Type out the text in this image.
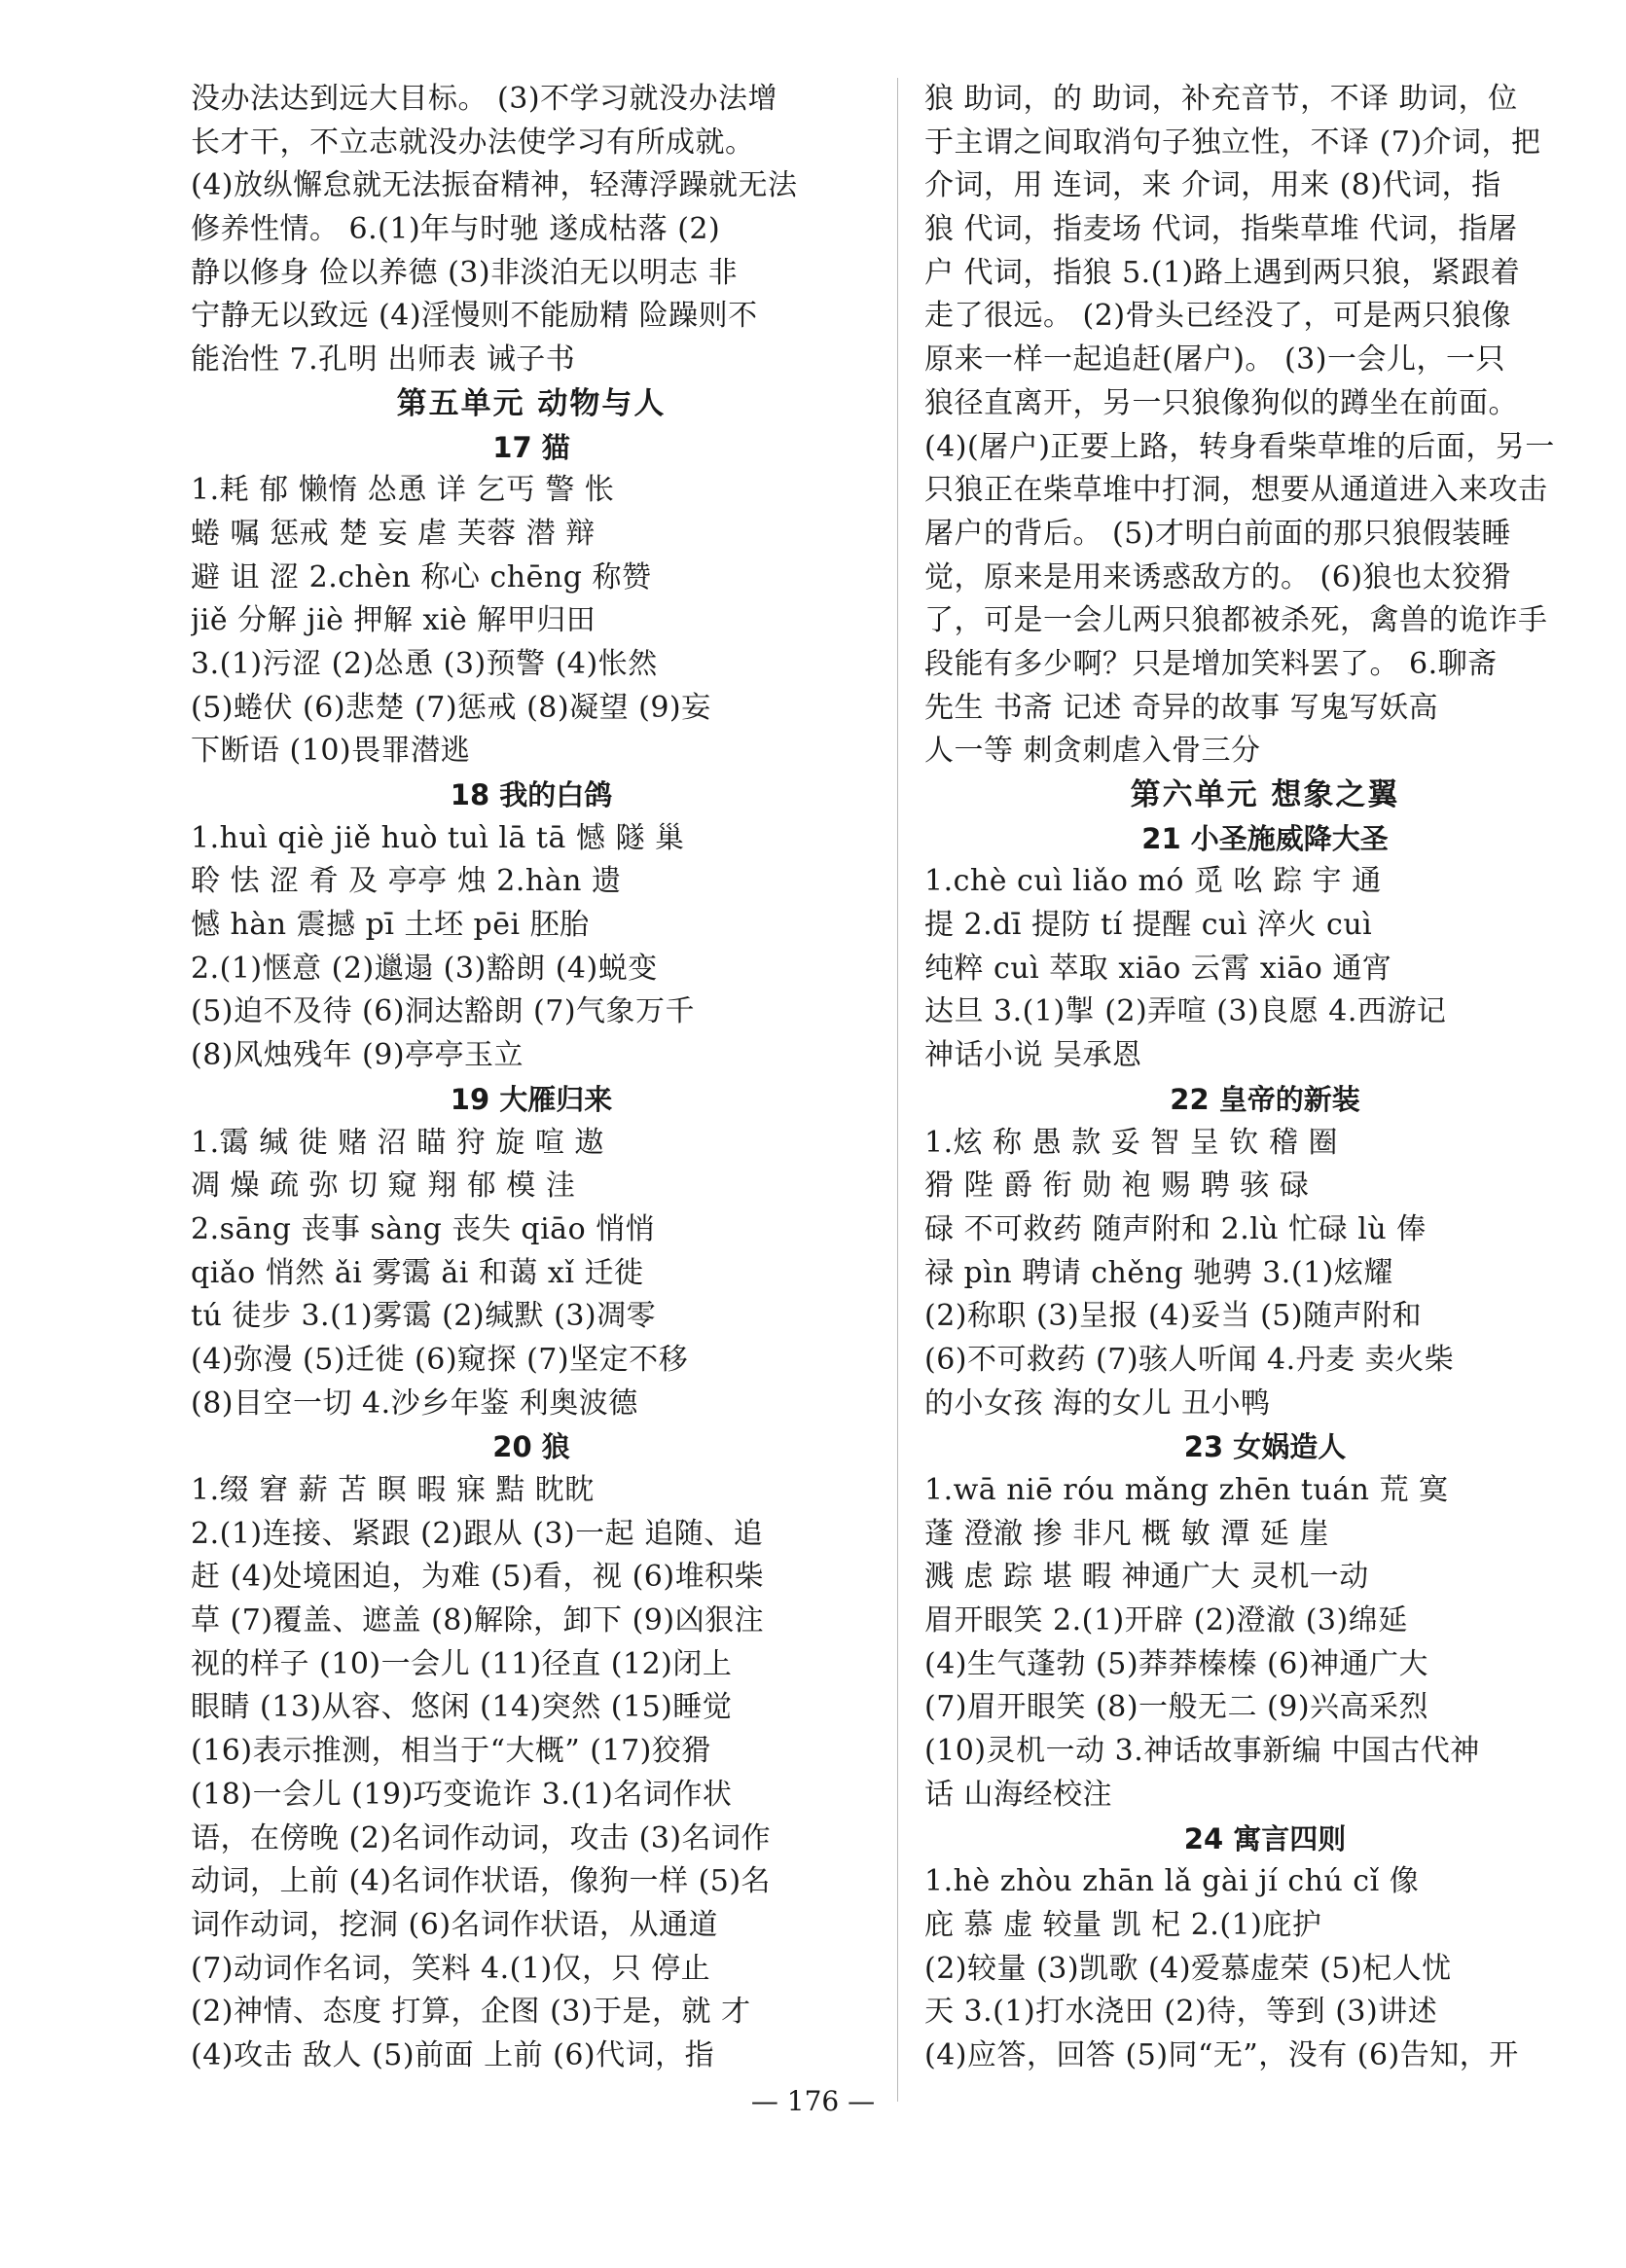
没办法达到远大目标。 (3)不学习就没办法增
长才干，不立志就没办法使学习有所成就。
(4)放纵懈怠就无法振奋精神，轻薄浮躁就无法
修养性情。 6.(1)年与时驰 遂成枯落 (2)
静以修身 俭以养德 (3)非淡泊无以明志 非
宁静无以致远 (4)淫慢则不能励精 险躁则不
能治性 7.孔明 出师表 诫子书
第五单元 动物与人
17 猫
1.耗 郁 懒惰 怂恿 详 乞丐 警 怅
蜷 嘱 惩戒 楚 妄 虐 芙蓉 潜 辩
避 诅 涩 2.chèn 称心 chēng 称赞
jiě 分解 jiè 押解 xiè 解甲归田
3.(1)污涩 (2)怂恿 (3)预警 (4)怅然
(5)蜷伏 (6)悲楚 (7)惩戒 (8)凝望 (9)妄
下断语 (10)畏罪潜逃
18 我的白鸽
1.huì qiè jiě huò tuì lā tā 憾 隧 巢
聆 怯 涩 肴 及 亭亭 烛 2.hàn 遗
憾 hàn 震撼 pī 土坯 pēi 胚胎
2.(1)惬意 (2)邋遢 (3)豁朗 (4)蜕变
(5)迫不及待 (6)洞达豁朗 (7)气象万千
(8)风烛残年 (9)亭亭玉立
19 大雁归来
1.霭 缄 徙 赌 沼 瞄 狩 旋 喧 遨
凋 燥 疏 弥 切 窥 翔 郁 模 洼
2.sāng 丧事 sàng 丧失 qiāo 悄悄
qiǎo 悄然 ǎi 雾霭 ǎi 和蔼 xǐ 迁徙
tú 徒步 3.(1)雾霭 (2)缄默 (3)凋零
(4)弥漫 (5)迁徙 (6)窥探 (7)坚定不移
(8)目空一切 4.沙乡年鉴 利奥波德
20 狼
1.缀 窘 薪 苫 瞑 暇 寐 黠 眈眈
2.(1)连接、紧跟 (2)跟从 (3)一起 追随、追
赶 (4)处境困迫，为难 (5)看，视 (6)堆积柴
草 (7)覆盖、遮盖 (8)解除，卸下 (9)凶狠注
视的样子 (10)一会儿 (11)径直 (12)闭上
眼睛 (13)从容、悠闲 (14)突然 (15)睡觉
(16)表示推测，相当于“大概” (17)狡猾
(18)一会儿 (19)巧变诡诈 3.(1)名词作状
语，在傍晚 (2)名词作动词，攻击 (3)名词作
动词，上前 (4)名词作状语，像狗一样 (5)名
词作动词，挖洞 (6)名词作状语，从通道
(7)动词作名词，笑料 4.(1)仅，只 停止
(2)神情、态度 打算，企图 (3)于是，就 才
(4)攻击 敌人 (5)前面 上前 (6)代词，指
狼 助词，的 助词，补充音节，不译 助词，位
于主谓之间取消句子独立性，不译 (7)介词，把
介词，用 连词，来 介词，用来 (8)代词，指
狼 代词，指麦场 代词，指柴草堆 代词，指屠
户 代词，指狼 5.(1)路上遇到两只狼，紧跟着
走了很远。 (2)骨头已经没了，可是两只狼像
原来一样一起追赶(屠户)。 (3)一会儿，一只
狼径直离开，另一只狼像狗似的蹲坐在前面。
(4)(屠户)正要上路，转身看柴草堆的后面，另一
只狼正在柴草堆中打洞，想要从通道进入来攻击
屠户的背后。 (5)才明白前面的那只狼假装睡
觉，原来是用来诱惑敌方的。 (6)狼也太狡猾
了，可是一会儿两只狼都被杀死，禽兽的诡诈手
段能有多少啊？只是增加笑料罢了。 6.聊斋
先生 书斋 记述 奇异的故事 写鬼写妖高
人一等 刺贪刺虐入骨三分
第六单元 想象之翼
21 小圣施威降大圣
1.chè cuì liǎo mó 觅 吆 踪 宇 通
提 2.dī 提防 tí 提醒 cuì 淬火 cuì
纯粹 cuì 萃取 xiāo 云霄 xiāo 通宵
达旦 3.(1)掣 (2)弄喧 (3)良愿 4.西游记
神话小说 吴承恩
22 皇帝的新装
1.炫 称 愚 款 妥 智 呈 钦 稽 圈
猾 陛 爵 衔 勋 袍 赐 聘 骇 碌
碌 不可救药 随声附和 2.lù 忙碌 lù 俸
禄 pìn 聘请 chěng 驰骋 3.(1)炫耀
(2)称职 (3)呈报 (4)妥当 (5)随声附和
(6)不可救药 (7)骇人听闻 4.丹麦 卖火柴
的小女孩 海的女儿 丑小鸭
23 女娲造人
1.wā niē róu mǎng zhēn tuán 荒 寞
蓬 澄澈 掺 非凡 概 敏 潭 延 崖
溅 虑 踪 堪 暇 神通广大 灵机一动
眉开眼笑 2.(1)开辟 (2)澄澈 (3)绵延
(4)生气蓬勃 (5)莽莽榛榛 (6)神通广大
(7)眉开眼笑 (8)一般无二 (9)兴高采烈
(10)灵机一动 3.神话故事新编 中国古代神
话 山海经校注
24 寓言四则
1.hè zhòu zhān lǎ gài jí chú cǐ 像
庇 慕 虚 较量 凯 杞 2.(1)庇护
(2)较量 (3)凯歌 (4)爱慕虚荣 (5)杞人忧
天 3.(1)打水浇田 (2)待，等到 (3)讲述
(4)应答，回答 (5)同“无”，没有 (6)告知，开
— 176 —
